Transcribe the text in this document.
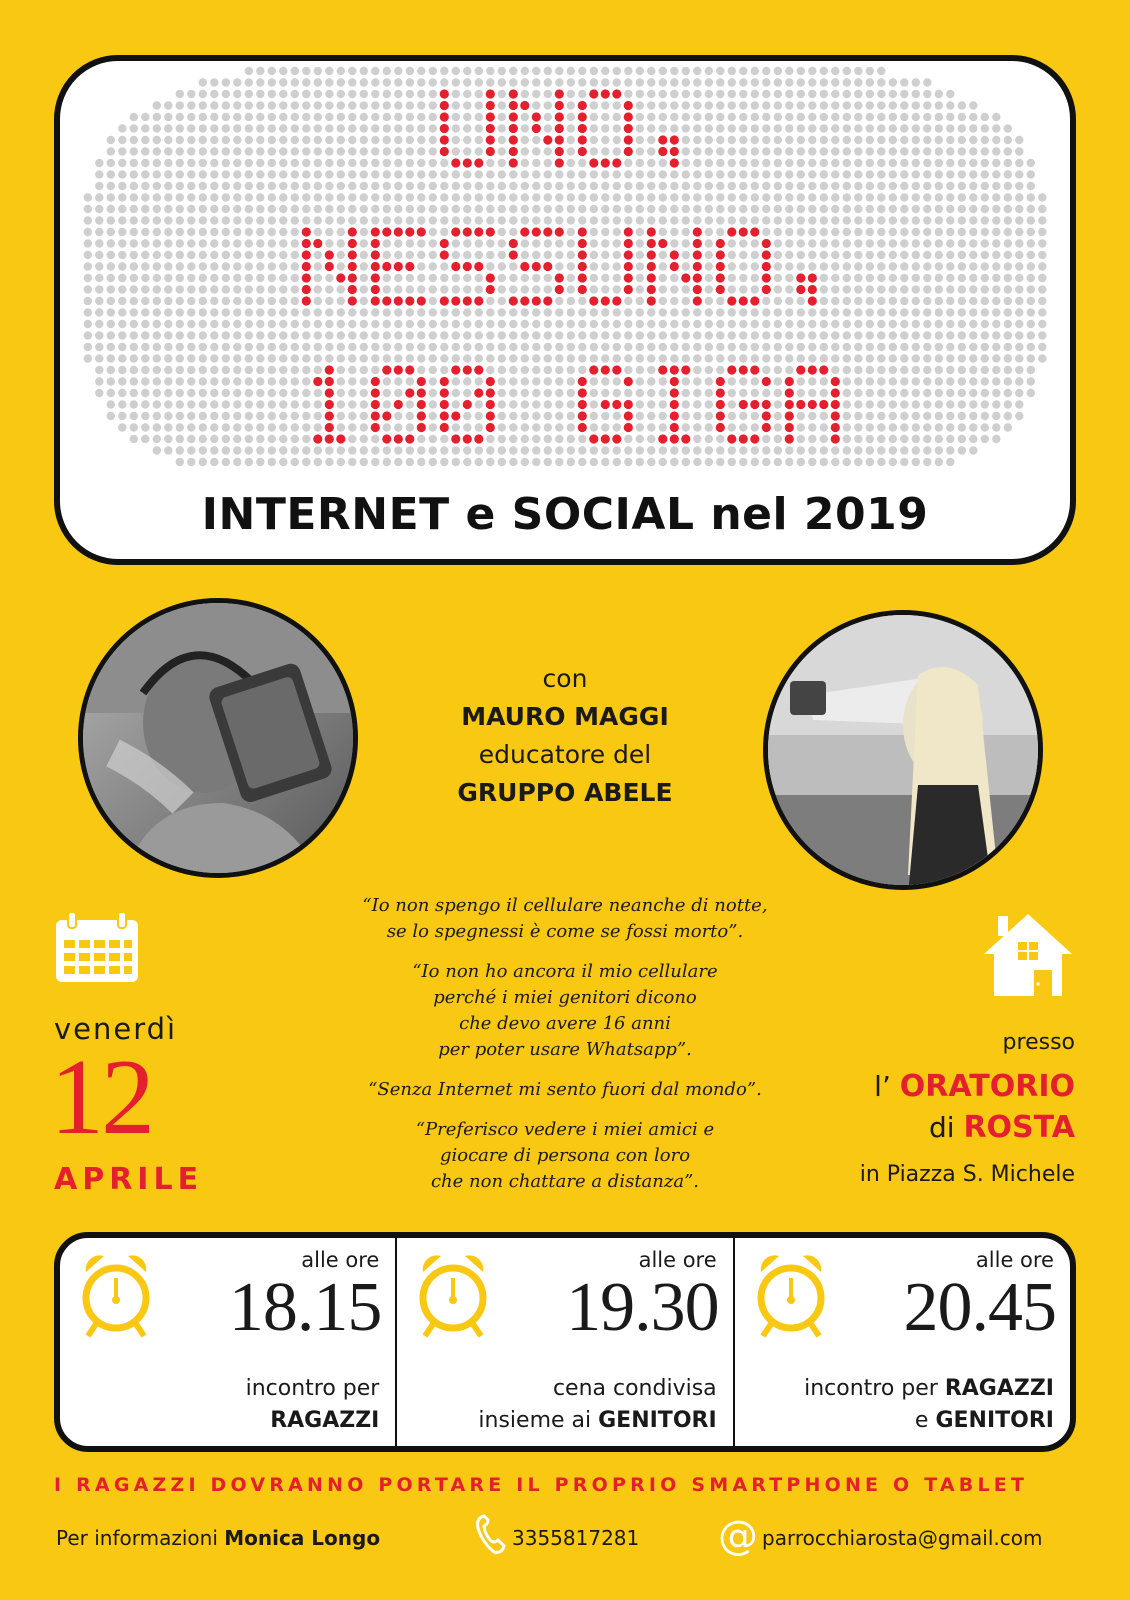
INTERNET e SOCIAL nel 2019
con
MAURO MAGGI
educatore del
GRUPPO ABELE

“Io non spengo il cellulare neanche di notte,
se lo spegnessi è come se fossi morto”.

“Io non ho ancora il mio cellulare
perché i miei genitori dicono
che devo avere 16 anni
per poter usare Whatsapp”.

“Senza Internet mi sento fuori dal mondo”.

“Preferisco vedere i miei amici e
giocare di persona con loro
che non chattare a distanza”.

venerdì
12
APRILE
presso
l’ ORATORIO
di ROSTA
in Piazza S. Michele
alle ore
18.15
incontro per
RAGAZZI
alle ore
19.30
cena condivisa
insieme ai GENITORI
alle ore
20.45
incontro per RAGAZZI
e GENITORI
I RAGAZZI DOVRANNO PORTARE IL PROPRIO SMARTPHONE O TABLET
Per informazioni Monica Longo	3355817281 @ parrocchiarosta@gmail.com
